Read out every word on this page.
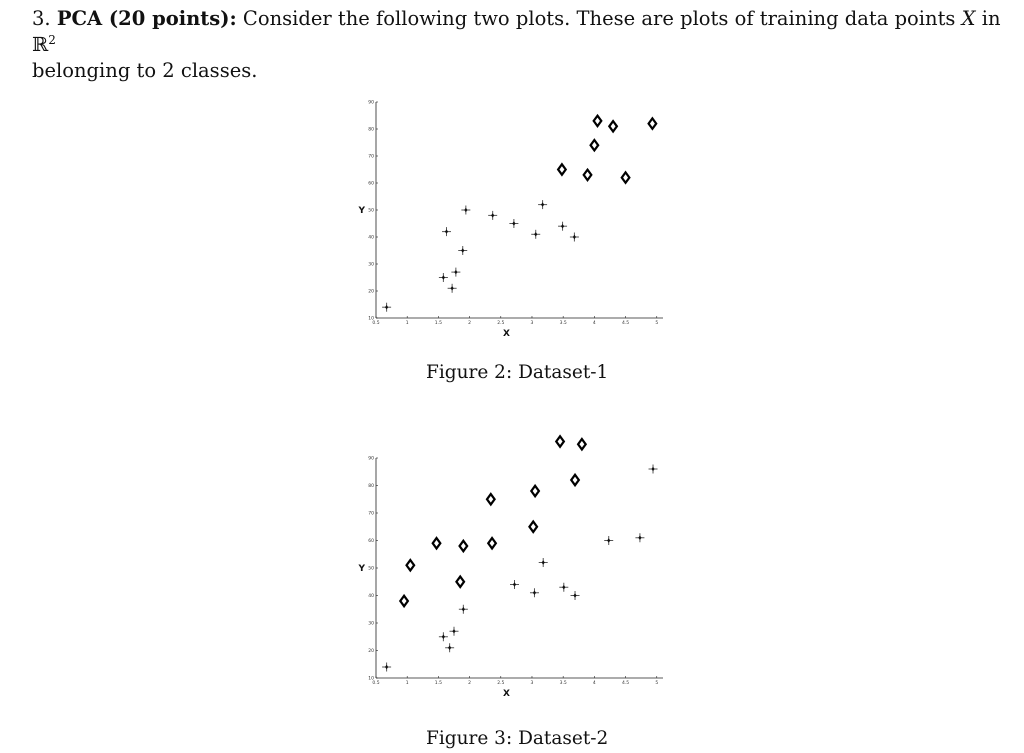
3. PCA (20 points): Consider the following two plots. These are plots of training data points X in ℝ$^2$
belonging to 2 classes.
0.5	1	1.5	2	2.5	3	3.5	4	4.5	5
10
20
30
40
50
60
70
80
90
X
Y
Figure 2: Dataset-1
0.5	1	1.5	2	2.5	3	3.5	4	4.5	5
10
20
30
40
50
60
70
80
90
X
Y
Figure 3: Dataset-2
